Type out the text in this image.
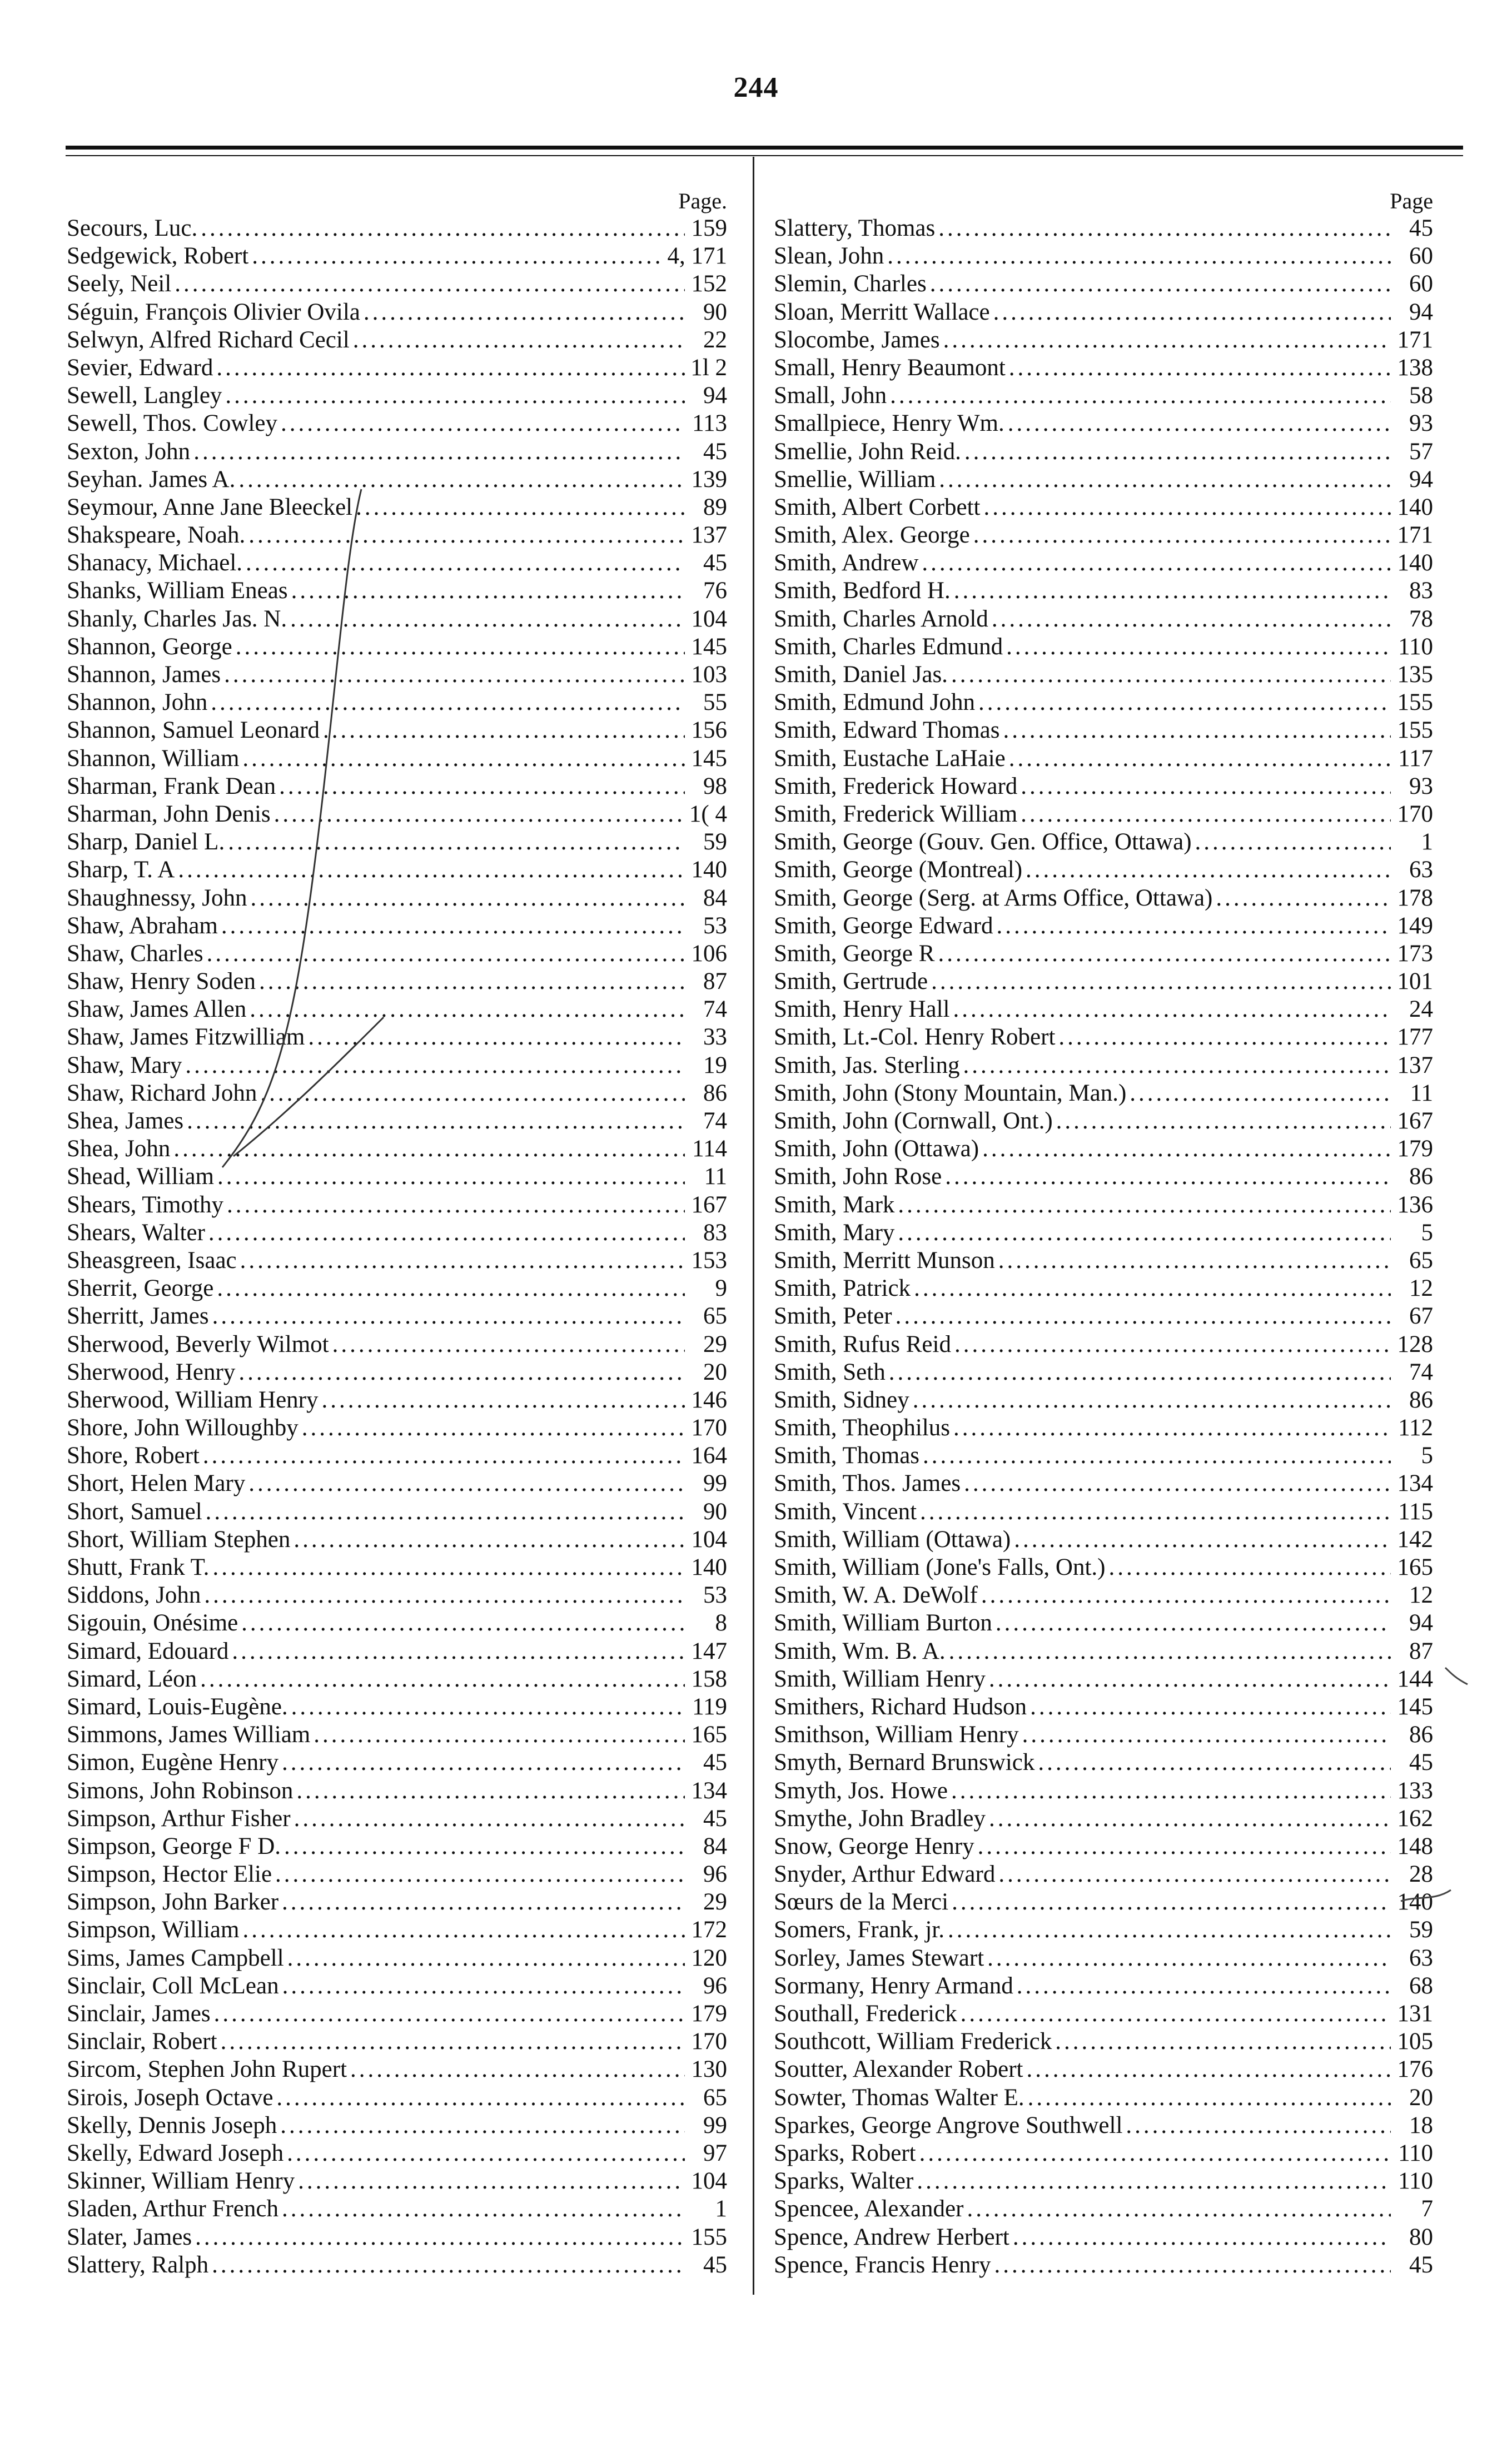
244
Page.
Secours, Luc. .....	159
Sedgewick, Robert .....	4, 171
Seely, Neil .....	152
Séguin, François Olivier Ovila .....	90
Selwyn, Alfred Richard Cecil .....	22
Sevier, Edward .....	1l 2
Sewell, Langley .....	94
Sewell, Thos. Cowley .....	113
Sexton, John .....	45
Seyhan. James A. .....	139
Seymour, Anne Jane Bleeckel .....	89
Shakspeare, Noah. .....	137
Shanacy, Michael. .....	45
Shanks, William Eneas .....	76
Shanly, Charles Jas. N. .....	104
Shannon, George .....	145
Shannon, James .....	103
Shannon, John .....	55
Shannon, Samuel Leonard .....	156
Shannon, William .....	145
Sharman, Frank Dean .....	98
Sharman, John Denis .....	1( 4
Sharp, Daniel L. .....	59
Sharp, T. A .....	140
Shaughnessy, John .....	84
Shaw, Abraham .....	53
Shaw, Charles .....	106
Shaw, Henry Soden .....	87
Shaw, James Allen .....	74
Shaw, James Fitzwilliam .....	33
Shaw, Mary .....	19
Shaw, Richard John .....	86
Shea, James .....	74
Shea, John .....	114
Shead, William .....	11
Shears, Timothy .....	167
Shears, Walter .....	83
Sheasgreen, Isaac .....	153
Sherrit, George .....	9
Sherritt, James .....	65
Sherwood, Beverly Wilmot .....	29
Sherwood, Henry .....	20
Sherwood, William Henry .....	146
Shore, John Willoughby .....	170
Shore, Robert .....	164
Short, Helen Mary .....	99
Short, Samuel .....	90
Short, William Stephen .....	104
Shutt, Frank T. .....	140
Siddons, John .....	53
Sigouin, Onésime .....	8
Simard, Edouard .....	147
Simard, Léon .....	158
Simard, Louis-Eugène. .....	119
Simmons, James William .....	165
Simon, Eugène Henry .....	45
Simons, John Robinson .....	134
Simpson, Arthur Fisher .....	45
Simpson, George F D. .....	84
Simpson, Hector Elie .....	96
Simpson, John Barker .....	29
Simpson, William .....	172
Sims, James Campbell .....	120
Sinclair, Coll McLean .....	96
Sinclair, James .....	179
Sinclair, Robert .....	170
Sircom, Stephen John Rupert .....	130
Sirois, Joseph Octave .....	65
Skelly, Dennis Joseph .....	99
Skelly, Edward Joseph .....	97
Skinner, William Henry .....	104
Sladen, Arthur French .....	1
Slater, James .....	155
Slattery, Ralph .....	45
Page
Slattery, Thomas .....	45
Slean, John .....	60
Slemin, Charles .....	60
Sloan, Merritt Wallace .....	94
Slocombe, James .....	171
Small, Henry Beaumont .....	138
Small, John .....	58
Smallpiece, Henry Wm. .....	93
Smellie, John Reid. .....	57
Smellie, William .....	94
Smith, Albert Corbett .....	140
Smith, Alex. George .....	171
Smith, Andrew .....	140
Smith, Bedford H. .....	83
Smith, Charles Arnold .....	78
Smith, Charles Edmund .....	110
Smith, Daniel Jas. .....	135
Smith, Edmund John .....	155
Smith, Edward Thomas .....	155
Smith, Eustache LaHaie .....	117
Smith, Frederick Howard .....	93
Smith, Frederick William .....	170
Smith, George (Gouv. Gen. Office, Ottawa) .....	1
Smith, George (Montreal) .....	63
Smith, George (Serg. at Arms Office, Ottawa) .....	178
Smith, George Edward .....	149
Smith, George R .....	173
Smith, Gertrude .....	101
Smith, Henry Hall .....	24
Smith, Lt.-Col. Henry Robert .....	177
Smith, Jas. Sterling .....	137
Smith, John (Stony Mountain, Man.) .....	11
Smith, John (Cornwall, Ont.) .....	167
Smith, John (Ottawa) .....	179
Smith, John Rose .....	86
Smith, Mark .....	136
Smith, Mary .....	5
Smith, Merritt Munson .....	65
Smith, Patrick .....	12
Smith, Peter .....	67
Smith, Rufus Reid .....	128
Smith, Seth .....	74
Smith, Sidney .....	86
Smith, Theophilus .....	112
Smith, Thomas .....	5
Smith, Thos. James .....	134
Smith, Vincent .....	115
Smith, William (Ottawa) .....	142
Smith, William (Jone's Falls, Ont.) .....	165
Smith, W. A. DeWolf .....	12
Smith, William Burton .....	94
Smith, Wm. B. A. .....	87
Smith, William Henry .....	144
Smithers, Richard Hudson .....	145
Smithson, William Henry .....	86
Smyth, Bernard Brunswick .....	45
Smyth, Jos. Howe .....	133
Smythe, John Bradley .....	162
Snow, George Henry .....	148
Snyder, Arthur Edward .....	28
Sœurs de la Merci .....	140
Somers, Frank, jr. .....	59
Sorley, James Stewart .....	63
Sormany, Henry Armand .....	68
Southall, Frederick .....	131
Southcott, William Frederick .....	105
Soutter, Alexander Robert .....	176
Sowter, Thomas Walter E. .....	20
Sparkes, George Angrove Southwell .....	18
Sparks, Robert .....	110
Sparks, Walter .....	110
Spencee, Alexander .....	7
Spence, Andrew Herbert .....	80
Spence, Francis Henry .....	45
